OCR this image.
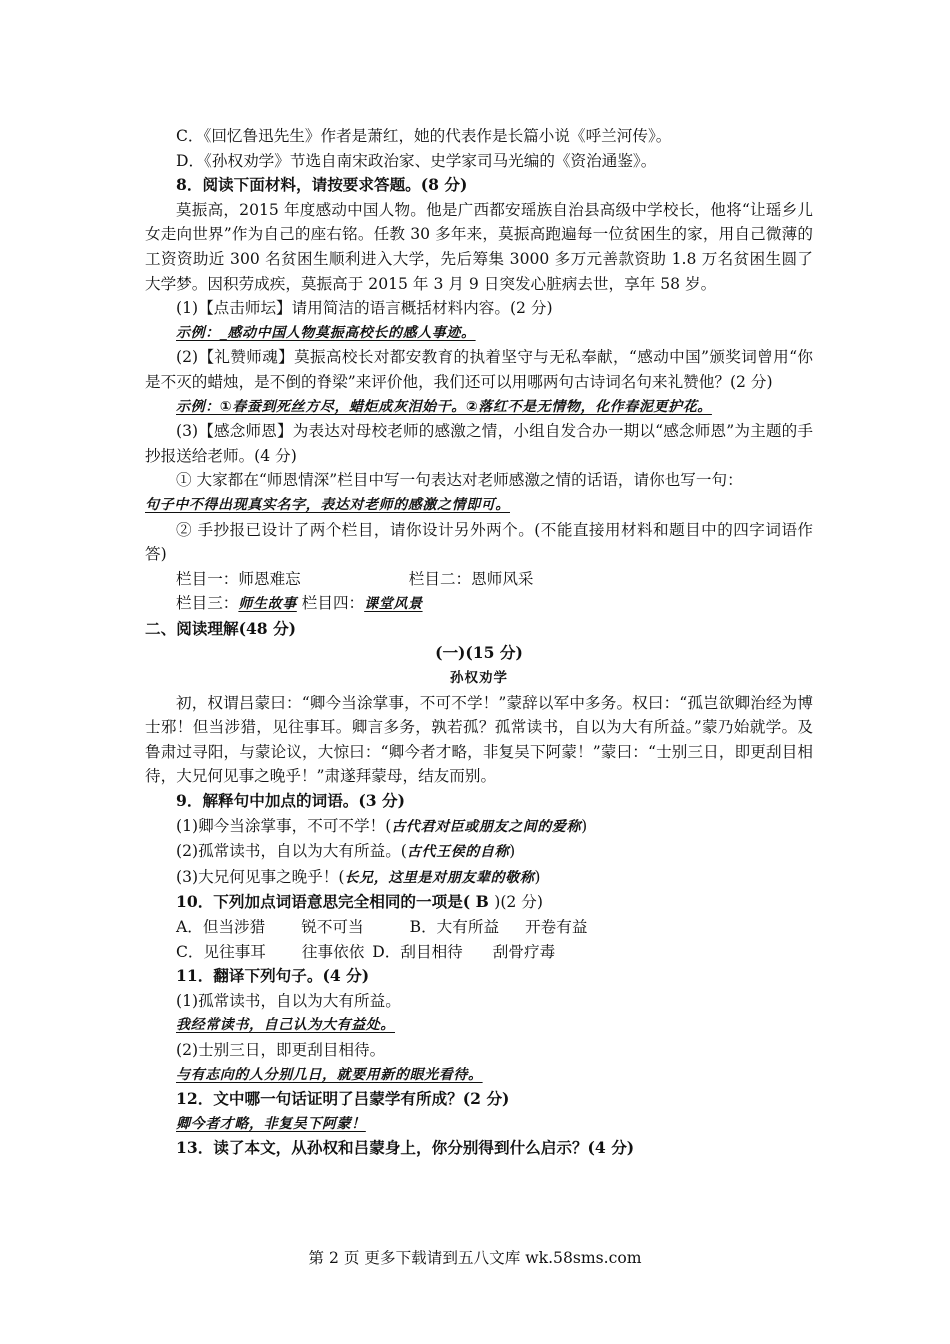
C．《回忆鲁迅先生》作者是萧红，她的代表作是长篇小说《呼兰河传》。
D．《孙权劝学》节选自南宋政治家、史学家司马光编的《资治通鉴》。
8．阅读下面材料，请按要求答题。(8 分)
莫振高，2015 年度感动中国人物。他是广西都安瑶族自治县高级中学校长，他将“让瑶乡儿女走向世界”作为自己的座右铭。任教 30 多年来，莫振高跑遍每一位贫困生的家，用自己微薄的工资资助近 300 名贫困生顺利进入大学，先后筹集 3000 多万元善款资助 1.8 万名贫困生圆了大学梦。因积劳成疾，莫振高于 2015 年 3 月 9 日突发心脏病去世，享年 58 岁。
(1)【点击师坛】请用简洁的语言概括材料内容。(2 分)
示例：_感动中国人物莫振高校长的感人事迹。
(2)【礼赞师魂】莫振高校长对都安教育的执着坚守与无私奉献，“感动中国”颁奖词曾用“你是不灭的蜡烛，是不倒的脊梁”来评价他，我们还可以用哪两句古诗词名句来礼赞他？(2 分)
示例：①春蚕到死丝方尽，蜡炬成灰泪始干。②落红不是无情物，化作春泥更护花。
(3)【感念师恩】为表达对母校老师的感激之情，小组自发合办一期以“感念师恩”为主题的手抄报送给老师。(4 分)
① 大家都在“师恩情深”栏目中写一句表达对老师感激之情的话语，请你也写一句：
句子中不得出现真实名字，表达对老师的感激之情即可。
② 手抄报已设计了两个栏目，请你设计另外两个。(不能直接用材料和题目中的四字词语作答)
栏目一：师恩难忘	栏目二：恩师风采
栏目三：师生故事 栏目四：课堂风景
二、阅读理解(48 分)
(一)(15 分)
孙权劝学
初，权谓吕蒙曰：“卿今当涂掌事，不可不学！”蒙辞以军中多务。权曰：“孤岂欲卿治经为博士邪！但当涉猎，见往事耳。卿言多务，孰若孤？孤常读书，自以为大有所益。”蒙乃始就学。及鲁肃过寻阳，与蒙论议，大惊曰：“卿今者才略，非复吴下阿蒙！”蒙曰：“士别三日，即更刮目相待，大兄何见事之晚乎！”肃遂拜蒙母，结友而别。
9．解释句中加点的词语。(3 分)
(1)卿今当涂掌事，不可不学！(古代君对臣或朋友之间的爱称)
(2)孤常读书，自以为大有所益。(古代王侯的自称)
(3)大兄何见事之晚乎！(长兄，这里是对朋友辈的敬称)
10．下列加点词语意思完全相同的一项是( B )(2 分)
A．但当涉猎 锐不可当	B．大有所益 开卷有益
C．见往事耳 往事依依 D．刮目相待 刮骨疗毒
11．翻译下列句子。(4 分)
(1)孤常读书，自以为大有所益。
我经常读书，自己认为大有益处。
(2)士别三日，即更刮目相待。
与有志向的人分别几日，就要用新的眼光看待。
12．文中哪一句话证明了吕蒙学有所成？(2 分)
卿今者才略，非复吴下阿蒙！
13．读了本文，从孙权和吕蒙身上，你分别得到什么启示？(4 分)
第 2 页 更多下载请到五八文库 wk.58sms.com
